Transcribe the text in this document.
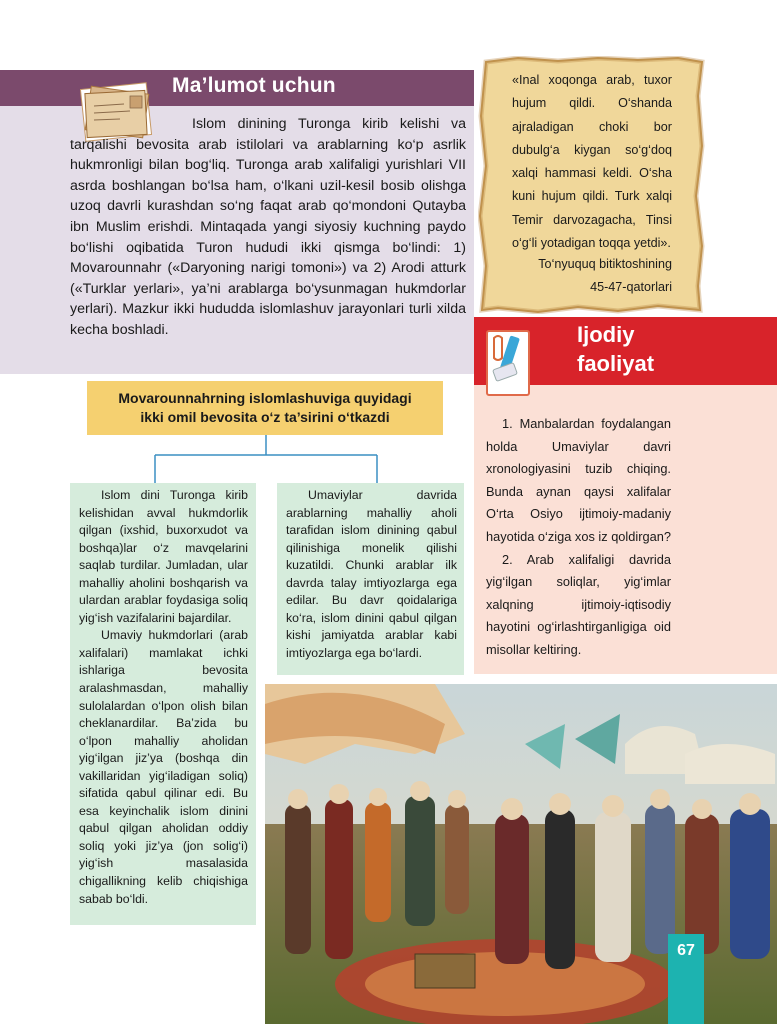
Ma’lumot uchun

Islom dinining Turonga kirib kelishi va tarqalishi bevosita arab istilolari va arablarning ko‘p asrlik hukmronligi bilan bog‘liq. Turonga arab xalifaligi yurishlari VII asrda boshlangan bo‘lsa ham, o‘lkani uzil-kesil bosib olishga uzoq davrli kurashdan so‘ng faqat arab qo‘mondoni Qutayba ibn Muslim erishdi. Mintaqada yangi siyosiy kuchning paydo bo‘lishi oqibatida Turon hududi ikki qismga bo‘lindi: 1) Movarounnahr («Daryoning narigi tomoni») va 2) Arodi atturk («Turklar yerlari», ya’ni arablarga bo‘ysunmagan hukmdorlar yerlari). Mazkur ikki hududda islomlashuv jarayonlari turli xilda kecha boshladi.

«Inal xoqonga arab, tuxor hujum qildi. O‘shanda ajraladigan choki bor dubulg‘a kiygan so‘g‘doq xalqi hammasi keldi. O‘sha kuni hujum qildi. Turk xalqi Temir darvozagacha, Tinsi o‘g‘li yotadigan toqqa yetdi».
To‘nyuquq bitiktoshining
45-47-qatorlari
Ijodiy
faoliyat

1. Manbalardan foydalangan holda Umaviylar davri xronologiyasini tuzib chiqing. Bunda aynan qaysi xalifalar O‘rta Osiyo ijtimoiy-madaniy hayotida o‘ziga xos iz qoldirgan?

2. Arab xalifaligi davrida yig‘ilgan soliqlar, yig‘imlar xalqning ijtimoiy-iqtisodiy hayotini og‘irlashtirganligiga oid misollar keltiring.

Movarounnahrning islomlashuviga quyidagi
ikki omil bevosita o‘z ta’sirini o‘tkazdi

Islom dini Turonga kirib kelishidan avval hukmdorlik qilgan (ixshid, buxorxudot va boshqa)lar o‘z mavqelarini saqlab turdilar. Jumladan, ular mahalliy aholini boshqarish va ulardan arablar foydasiga soliq yig‘ish vazifalarini bajardilar.

Umaviy hukmdorlari (arab xalifalari) mamlakat ichki ishlariga bevosita aralashmasdan, mahalliy sulolalardan o‘lpon olish bilan cheklanardilar. Ba’zida bu o‘lpon mahalliy aholidan yig‘ilgan jiz’ya (boshqa din vakillaridan yig‘iladigan soliq) sifatida qabul qilinar edi. Bu esa keyinchalik islom dinini qabul qilgan aholidan oddiy soliq yoki jiz’ya (jon solig‘i) yig‘ish masalasida chigallikning kelib chiqishiga sabab bo‘ldi.

Umaviylar davrida arablarning mahalliy aholi tarafidan islom dinining qabul qilinishiga monelik qilishi kuzatildi. Chunki arablar ilk davrda talay imtiyozlarga ega edilar. Bu davr qoidalariga ko‘ra, islom dinini qabul qilgan kishi jamiyatda arablar kabi imtiyozlarga ega bo‘lardi.

67
